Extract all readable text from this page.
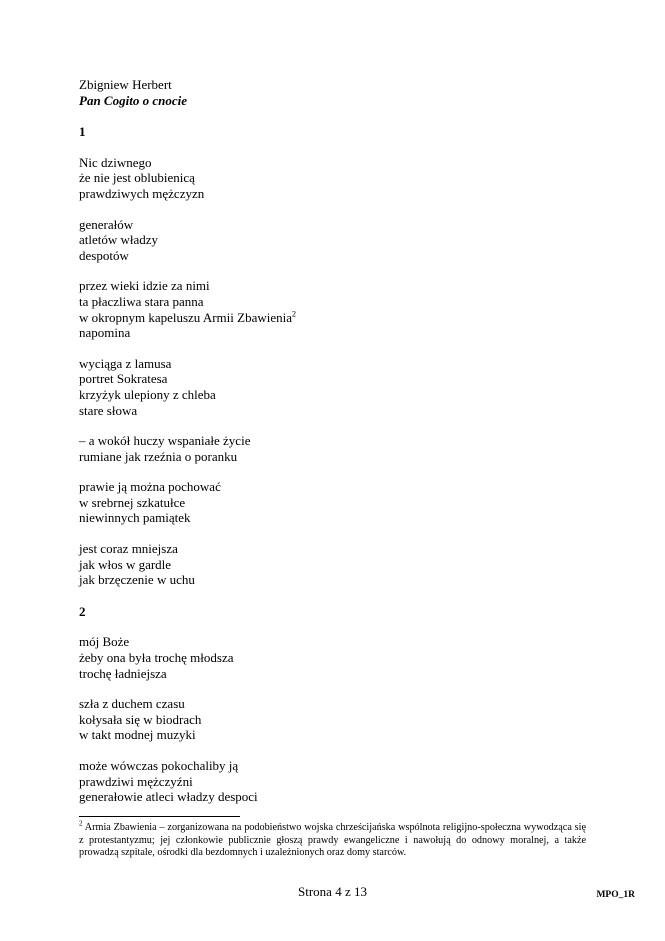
Zbigniew Herbert
Pan Cogito o cnocie
1
Nic dziwnego
że nie jest oblubienicą
prawdziwych mężczyzn
generałów
atletów władzy
despotów
przez wieki idzie za nimi
ta płaczliwa stara panna
w okropnym kapeluszu Armii Zbawienia$^2$
napomina
wyciąga z lamusa
portret Sokratesa
krzyżyk ulepiony z chleba
stare słowa
– a wokół huczy wspaniałe życie
rumiane jak rzeźnia o poranku
prawie ją można pochować
w srebrnej szkatułce
niewinnych pamiątek
jest coraz mniejsza
jak włos w gardle
jak brzęczenie w uchu
2
mój Boże
żeby ona była trochę młodsza
trochę ładniejsza
szła z duchem czasu
kołysała się w biodrach
w takt modnej muzyki
może wówczas pokochaliby ją
prawdziwi mężczyźni
generałowie atleci władzy despoci
$^2$ Armia Zbawienia – zorganizowana na podobieństwo wojska chrześcijańska wspólnota religijno-społeczna wywodząca się z protestantyzmu; jej członkowie publicznie głoszą prawdy ewangeliczne i nawołują do odnowy moralnej, a także prowadzą szpitale, ośrodki dla bezdomnych i uzależnionych oraz domy starców.
Strona 4 z 13	MPO_1R
